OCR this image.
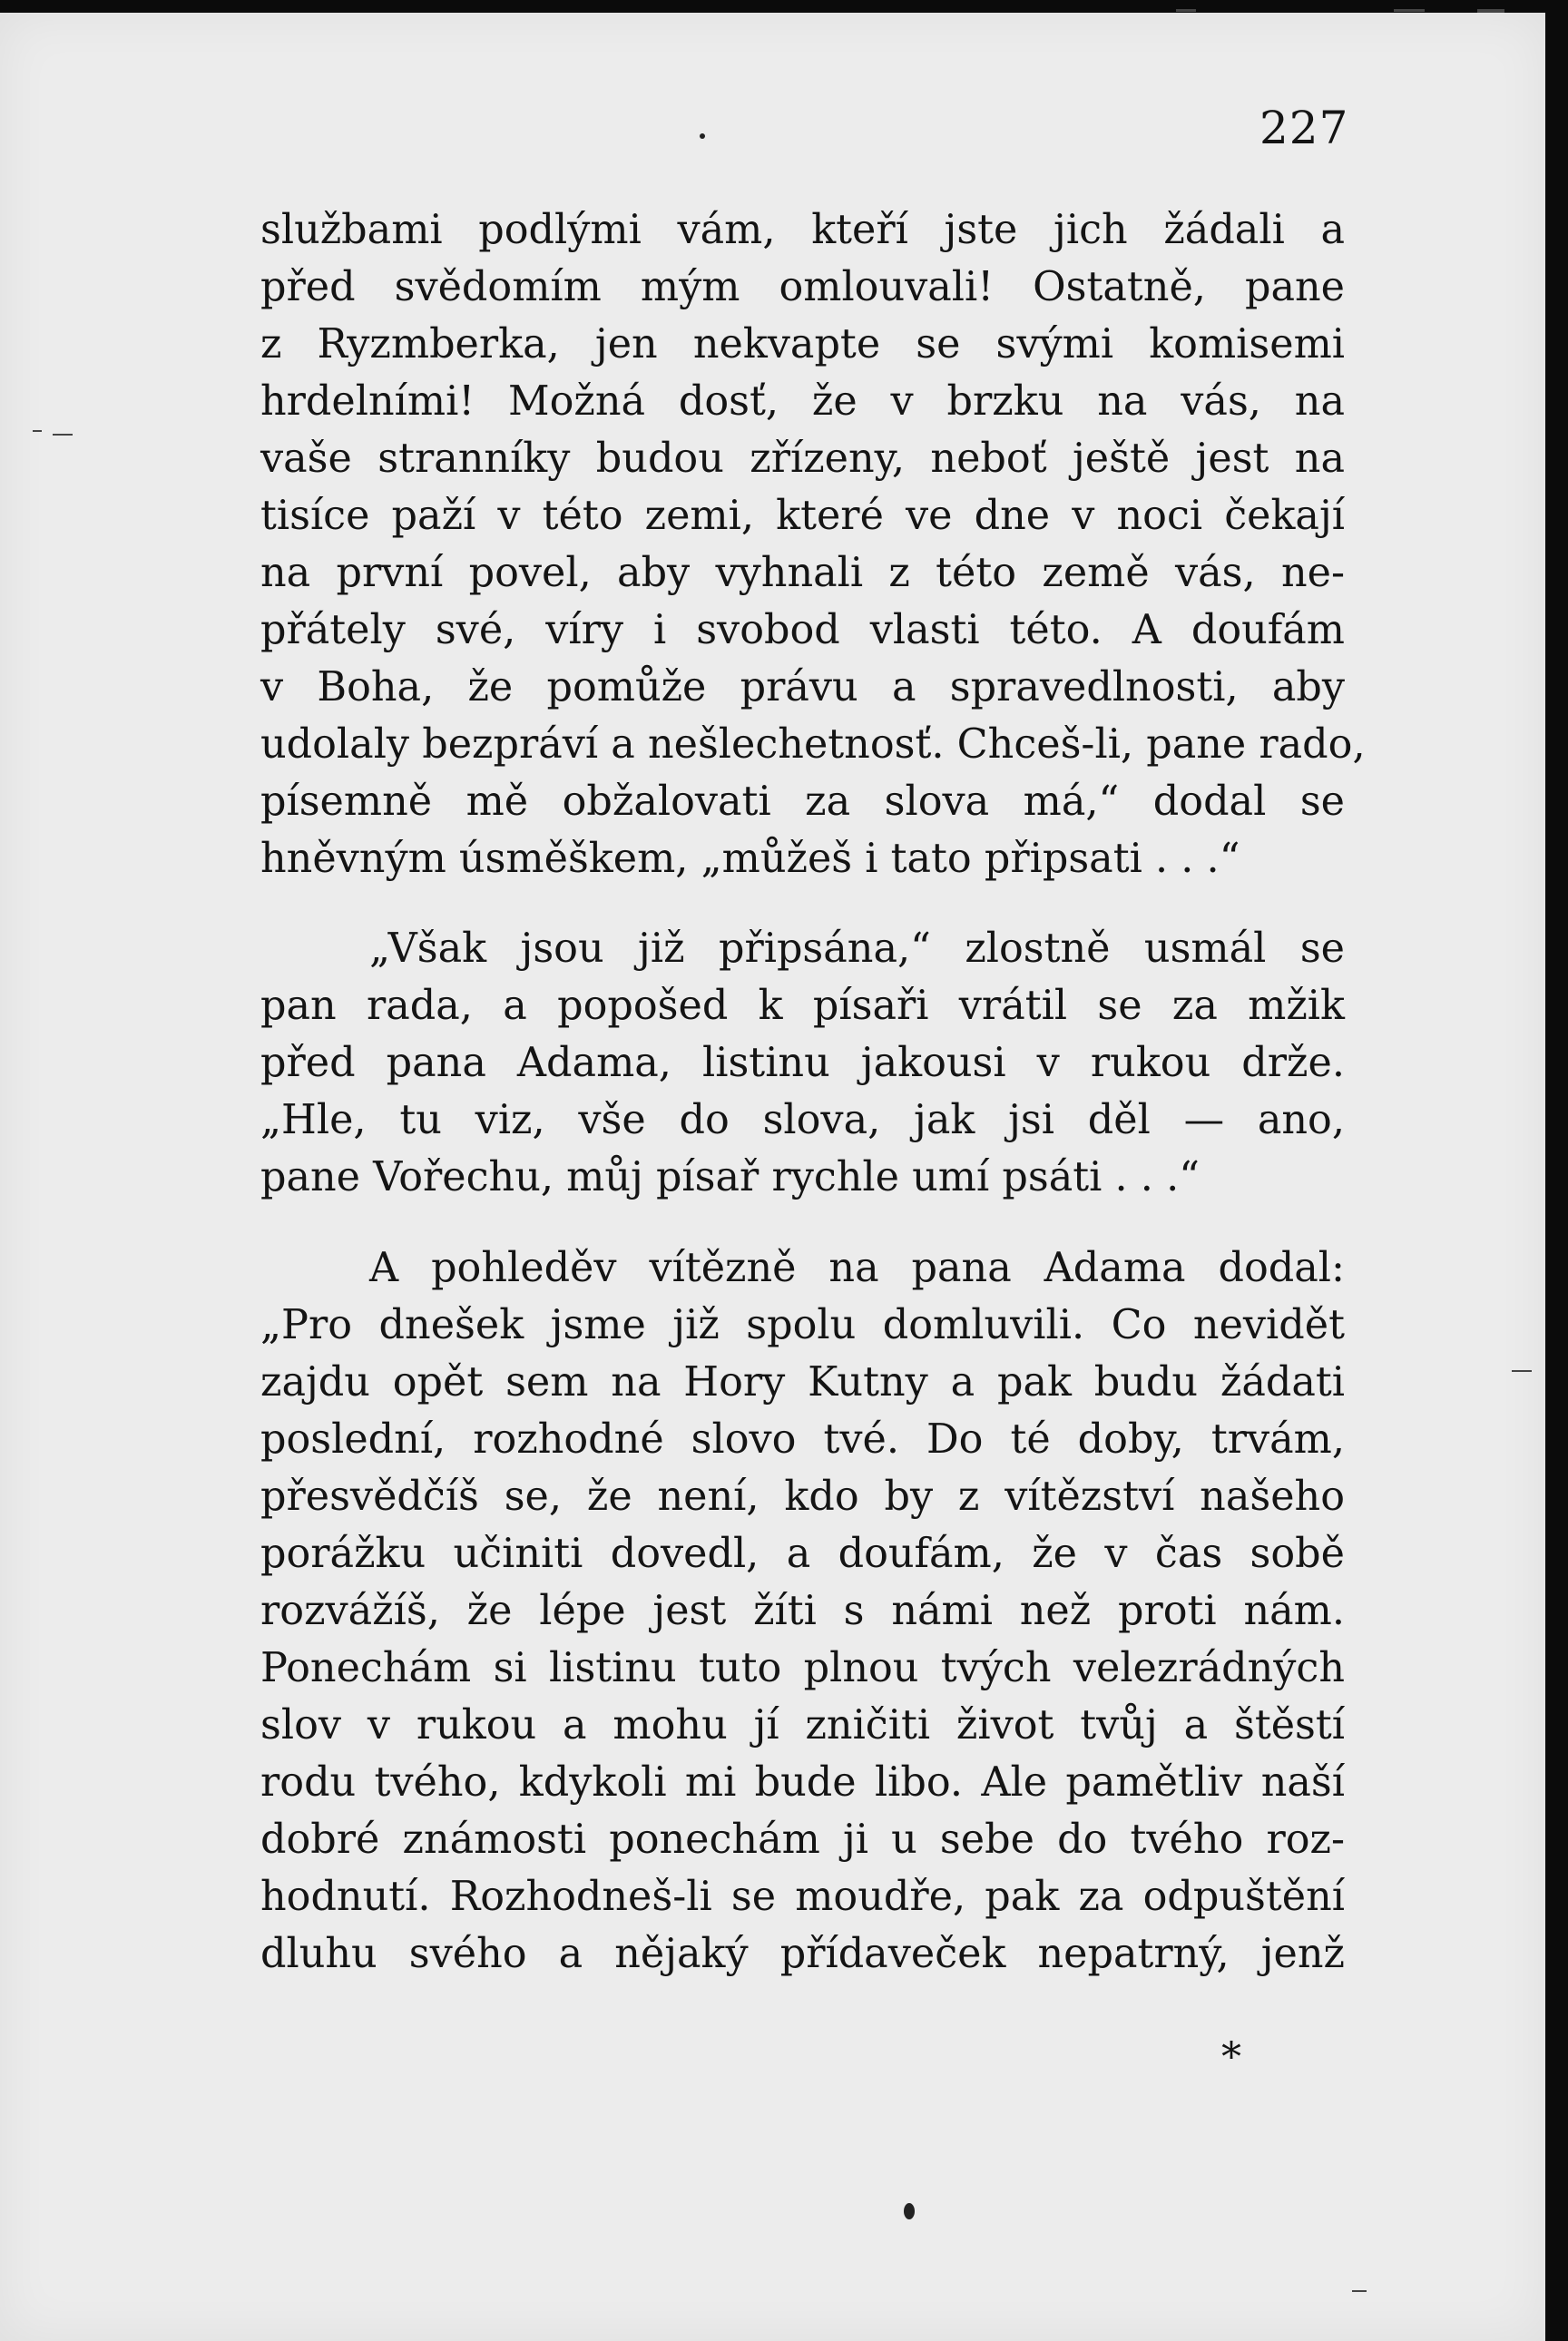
227
službami podlými vám, kteří jste jich žádali a
před svědomím mým omlouvali! Ostatně, pane
z Ryzmberka, jen nekvapte se svými komisemi
hrdelními! Možná dosť, že v brzku na vás, na
vaše stranníky budou zřízeny, neboť ještě jest na
tisíce paží v této zemi, které ve dne v noci čekají
na první povel, aby vyhnali z této země vás, ne-
přátely své, víry i svobod vlasti této. A doufám
v Boha, že pomůže právu a spravedlnosti, aby
udolaly bezpráví a nešlechetnosť. Chceš-li, pane rado,
písemně mě obžalovati za slova má,“ dodal se
hněvným úsměškem, „můžeš i tato připsati . . .“
„Však jsou již připsána,“ zlostně usmál se
pan rada, a popošed k písaři vrátil se za mžik
před pana Adama, listinu jakousi v rukou drže.
„Hle, tu viz, vše do slova, jak jsi děl — ano,
pane Vořechu, můj písař rychle umí psáti . . .“
A pohleděv vítězně na pana Adama dodal:
„Pro dnešek jsme již spolu domluvili. Co nevidět
zajdu opět sem na Hory Kutny a pak budu žádati
poslední, rozhodné slovo tvé. Do té doby, trvám,
přesvědčíš se, že není, kdo by z vítězství našeho
porážku učiniti dovedl, a doufám, že v čas sobě
rozvážíš, že lépe jest žíti s námi než proti nám.
Ponechám si listinu tuto plnou tvých velezrádných
slov v rukou a mohu jí zničiti život tvůj a štěstí
rodu tvého, kdykoli mi bude libo. Ale pamětliv naší
dobré známosti ponechám ji u sebe do tvého roz-
hodnutí. Rozhodneš-li se moudře, pak za odpuštění
dluhu svého a nějaký přídaveček nepatrný, jenž
*
